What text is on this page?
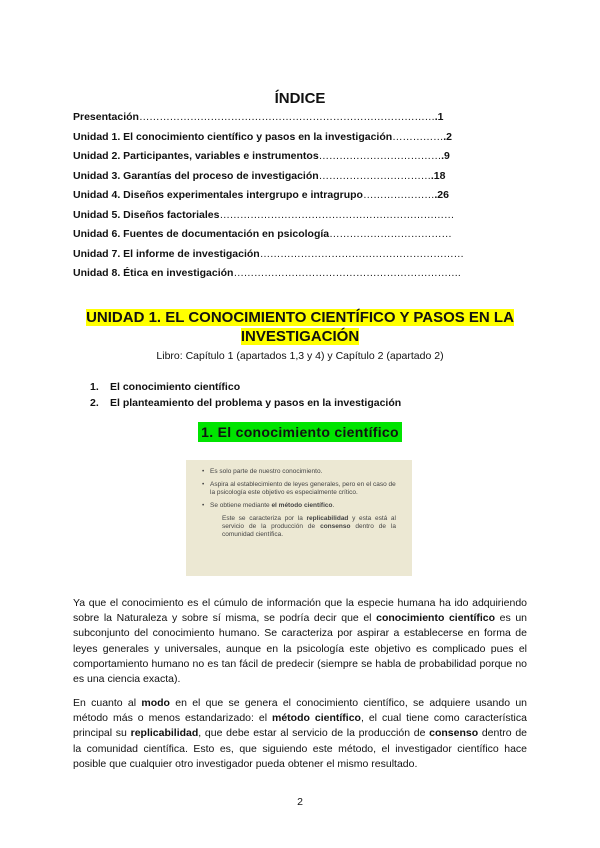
ÍNDICE
Presentación…………………………………………………………………………….1
Unidad 1. El conocimiento científico y pasos en la investigación…………….2
Unidad 2. Participantes, variables e instrumentos……………………………….9
Unidad 3. Garantías del proceso de investigación…………………………….18
Unidad 4. Diseños experimentales intergrupo e intragrupo………………….26
Unidad 5. Diseños factoriales……………………………………………………………
Unidad 6. Fuentes de documentación en psicología………………………………
Unidad 7. El informe de investigación……………………………………………………
Unidad 8. Ética en investigación………………………………………………………….
UNIDAD 1. EL CONOCIMIENTO CIENTÍFICO Y PASOS EN LA INVESTIGACIÓN
Libro: Capítulo 1 (apartados 1,3 y 4) y Capítulo 2 (apartado 2)
1. El conocimiento científico
2. El planteamiento del problema y pasos en la investigación
1. El conocimiento científico
• Es solo parte de nuestro conocimiento.
• Aspira al establecimiento de leyes generales, pero en el caso de la psicología este objetivo es especialmente crítico.
• Se obtiene mediante el método científico.
Este se caracteriza por la replicabilidad y esta está al servicio de la producción de consenso dentro de la comunidad científica.

Ya que el conocimiento es el cúmulo de información que la especie humana ha ido adquiriendo sobre la Naturaleza y sobre sí misma, se podría decir que el conocimiento científico es un subconjunto del conocimiento humano. Se caracteriza por aspirar a establecerse en forma de leyes generales y universales, aunque en la psicología este objetivo es complicado pues el comportamiento humano no es tan fácil de predecir (siempre se habla de probabilidad porque no es una ciencia exacta).

En cuanto al modo en el que se genera el conocimiento científico, se adquiere usando un método más o menos estandarizado: el método científico, el cual tiene como característica principal su replicabilidad, que debe estar al servicio de la producción de consenso dentro de la comunidad científica. Esto es, que siguiendo este método, el investigador científico hace posible que cualquier otro investigador pueda obtener el mismo resultado.

2
